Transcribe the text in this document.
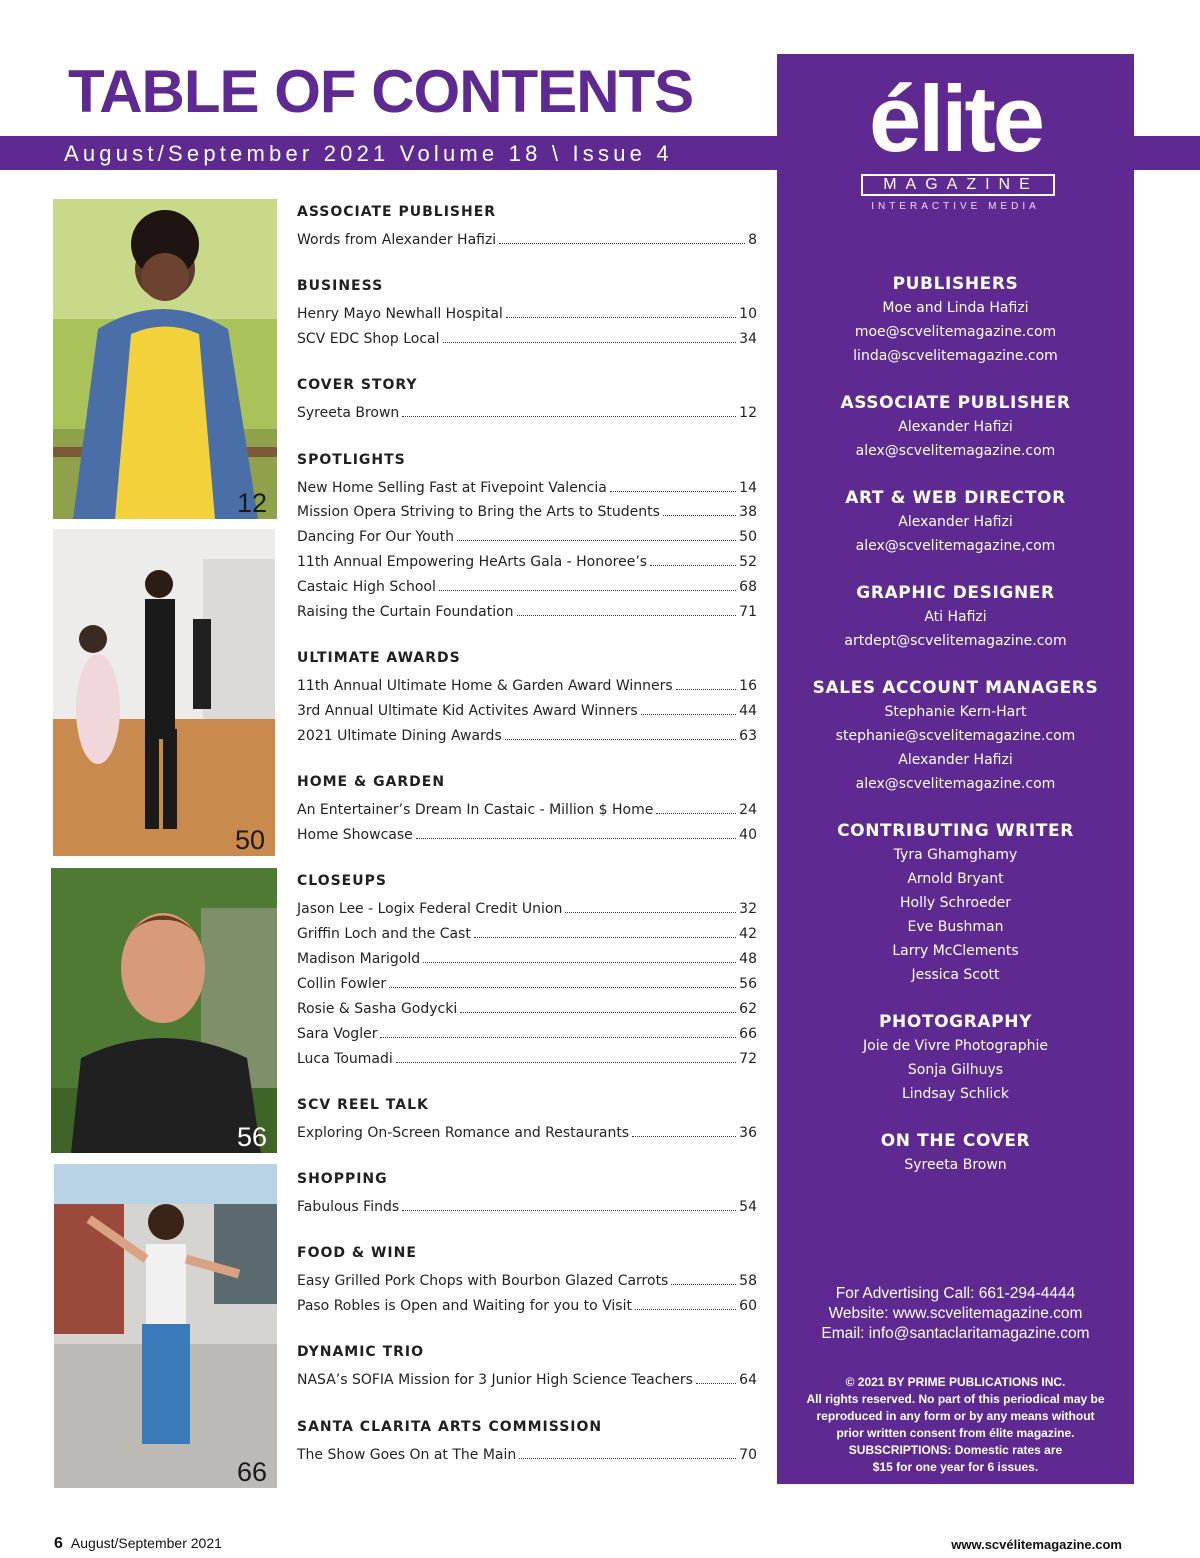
TABLE OF CONTENTS
August/September 2021 Volume 18 \ Issue 4
12
50
56
66
ASSOCIATE PUBLISHER
Words from Alexander Hafizi	8
BUSINESS
Henry Mayo Newhall Hospital	10
SCV EDC Shop Local	34
COVER STORY
Syreeta Brown	12
SPOTLIGHTS
New Home Selling Fast at Fivepoint Valencia	14
Mission Opera Striving to Bring the Arts to Students	38
Dancing For Our Youth	50
11th Annual Empowering HeArts Gala - Honoree’s	52
Castaic High School	68
Raising the Curtain Foundation	71
ULTIMATE AWARDS
11th Annual Ultimate Home & Garden Award Winners	16
3rd Annual Ultimate Kid Activites Award Winners	44
2021 Ultimate Dining Awards	63
HOME & GARDEN
An Entertainer’s Dream In Castaic - Million $ Home	24
Home Showcase	40
CLOSEUPS
Jason Lee - Logix Federal Credit Union	32
Griffin Loch and the Cast	42
Madison Marigold	48
Collin Fowler	56
Rosie & Sasha Godycki	62
Sara Vogler	66
Luca Toumadi	72
SCV REEL TALK
Exploring On-Screen Romance and Restaurants	36
SHOPPING
Fabulous Finds	54
FOOD & WINE
Easy Grilled Pork Chops with Bourbon Glazed Carrots	58
Paso Robles is Open and Waiting for you to Visit	60
DYNAMIC TRIO
NASA’s SOFIA Mission for 3 Junior High Science Teachers	64
SANTA CLARITA ARTS COMMISSION
The Show Goes On at The Main	70
élite
MAGAZINE
INTERACTIVE MEDIA
PUBLISHERS
Moe and Linda Hafizi
moe@scvelitemagazine.com
linda@scvelitemagazine.com
ASSOCIATE PUBLISHER
Alexander Hafizi
alex@scvelitemagazine.com
ART & WEB DIRECTOR
Alexander Hafizi
alex@scvelitemagazine,com
GRAPHIC DESIGNER
Ati Hafizi
artdept@scvelitemagazine.com
SALES ACCOUNT MANAGERS
Stephanie Kern-Hart
stephanie@scvelitemagazine.com
Alexander Hafizi
alex@scvelitemagazine.com
CONTRIBUTING WRITER
Tyra Ghamghamy
Arnold Bryant
Holly Schroeder
Eve Bushman
Larry McClements
Jessica Scott
PHOTOGRAPHY
Joie de Vivre Photographie
Sonja Gilhuys
Lindsay Schlick
ON THE COVER
Syreeta Brown
For Advertising Call: 661-294-4444
Website: www.scvelitemagazine.com
Email: info@santaclaritamagazine.com
© 2021 BY PRIME PUBLICATIONS INC.
All rights reserved. No part of this periodical may be
reproduced in any form or by any means without
prior written consent from élite magazine.
SUBSCRIPTIONS: Domestic rates are
$15 for one year for 6 issues.
6 August/September 2021	www.scvélitemagazine.com
